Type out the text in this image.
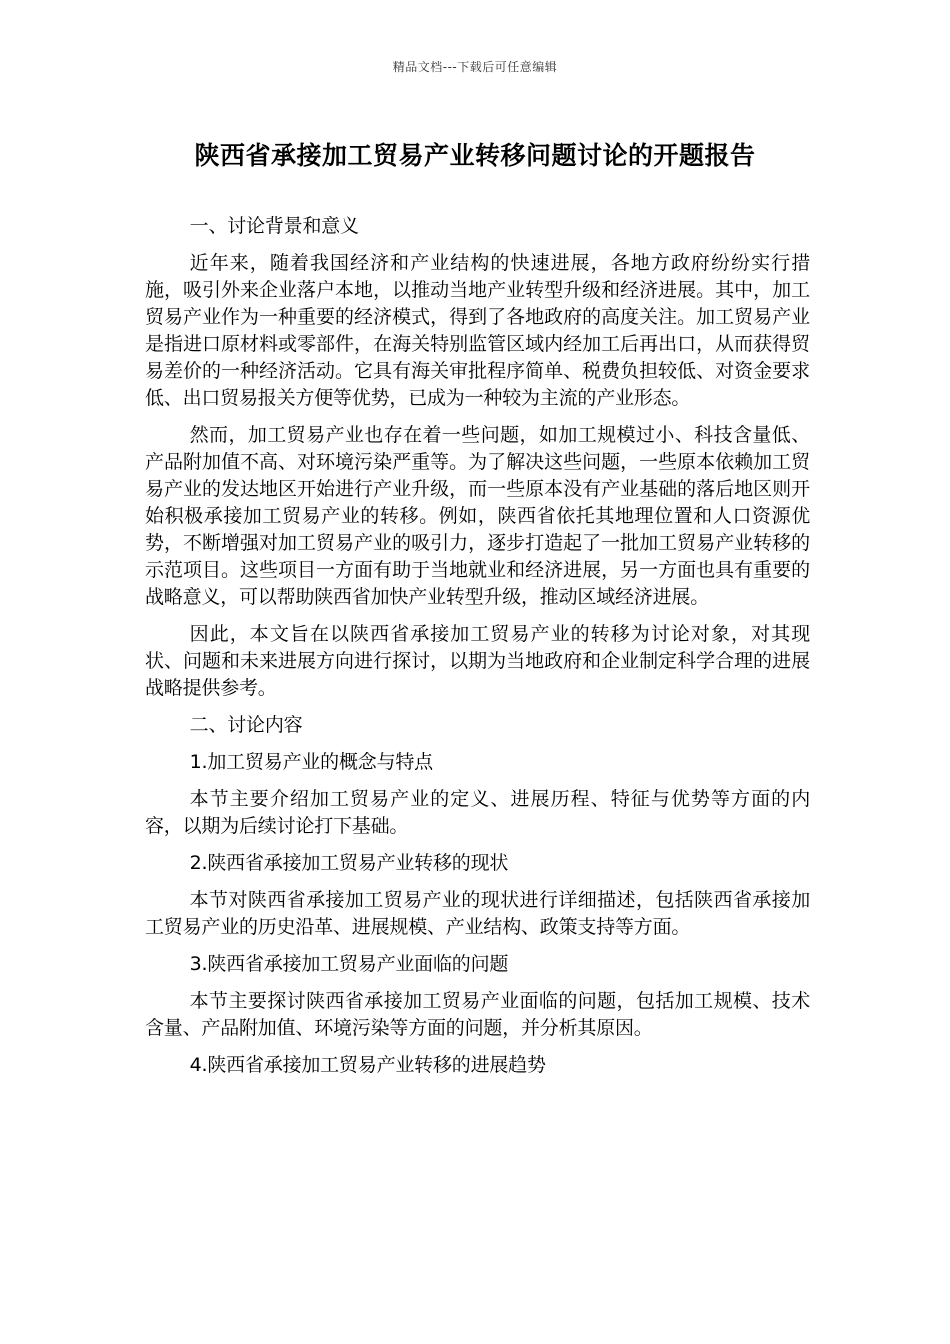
精品文档---下载后可任意编辑
陕西省承接加工贸易产业转移问题讨论的开题报告

一、讨论背景和意义

近年来，随着我国经济和产业结构的快速进展，各地方政府纷纷实行措施，吸引外来企业落户本地，以推动当地产业转型升级和经济进展。其中，加工贸易产业作为一种重要的经济模式，得到了各地政府的高度关注。加工贸易产业是指进口原材料或零部件，在海关特别监管区域内经加工后再出口，从而获得贸易差价的一种经济活动。它具有海关审批程序简单、税费负担较低、对资金要求低、出口贸易报关方便等优势，已成为一种较为主流的产业形态。

然而，加工贸易产业也存在着一些问题，如加工规模过小、科技含量低、产品附加值不高、对环境污染严重等。为了解决这些问题，一些原本依赖加工贸易产业的发达地区开始进行产业升级，而一些原本没有产业基础的落后地区则开始积极承接加工贸易产业的转移。例如，陕西省依托其地理位置和人口资源优势，不断增强对加工贸易产业的吸引力，逐步打造起了一批加工贸易产业转移的示范项目。这些项目一方面有助于当地就业和经济进展，另一方面也具有重要的战略意义，可以帮助陕西省加快产业转型升级，推动区域经济进展。

因此，本文旨在以陕西省承接加工贸易产业的转移为讨论对象，对其现状、问题和未来进展方向进行探讨，以期为当地政府和企业制定科学合理的进展战略提供参考。

二、讨论内容

1.加工贸易产业的概念与特点

本节主要介绍加工贸易产业的定义、进展历程、特征与优势等方面的内容，以期为后续讨论打下基础。

2.陕西省承接加工贸易产业转移的现状

本节对陕西省承接加工贸易产业的现状进行详细描述，包括陕西省承接加工贸易产业的历史沿革、进展规模、产业结构、政策支持等方面。

3.陕西省承接加工贸易产业面临的问题

本节主要探讨陕西省承接加工贸易产业面临的问题，包括加工规模、技术含量、产品附加值、环境污染等方面的问题，并分析其原因。

4.陕西省承接加工贸易产业转移的进展趋势
